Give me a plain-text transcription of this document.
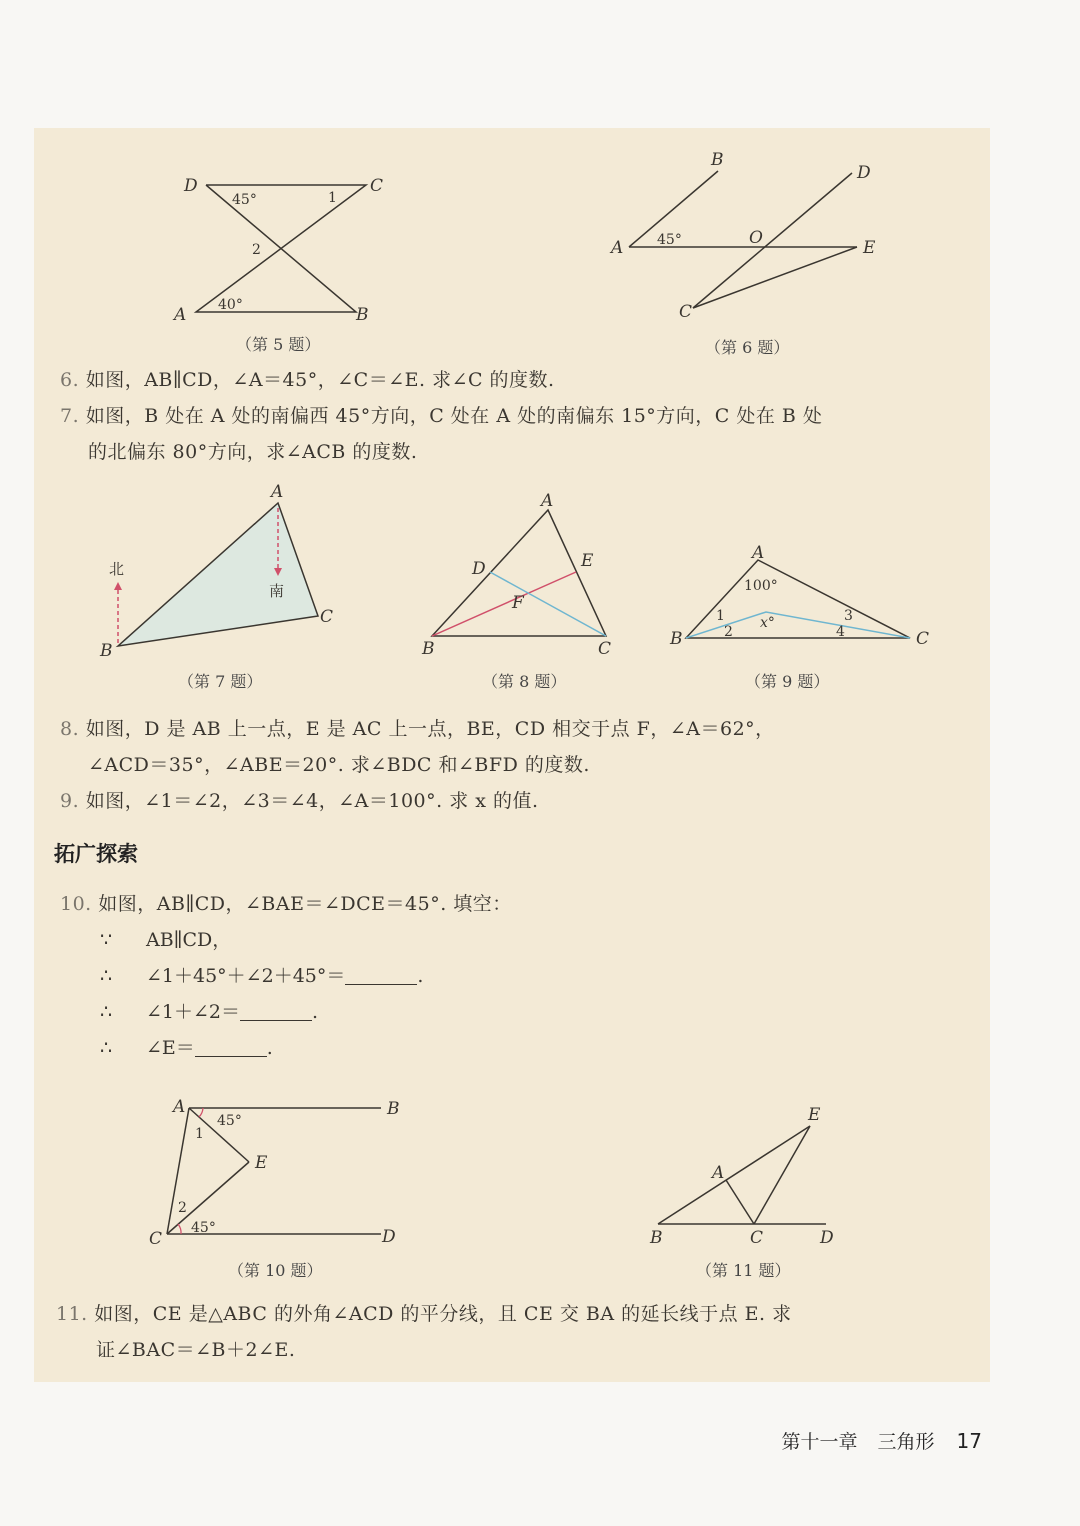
D	C
A	B
45°	1
2
40°
（第 5 题）
B
D
A	O	E
C
45°
（第 6 题）
6. 如图，AB∥CD，∠A＝45°，∠C＝∠E. 求∠C 的度数.
7. 如图，B 处在 A 处的南偏西 45°方向，C 处在 A 处的南偏东 15°方向，C 处在 B 处
的北偏东 80°方向，求∠ACB 的度数.
A
B
C
北
南
（第 7 题）
A
B	C
D	E
F
（第 8 题）
A
B	C
100°
x°
1
2
3
4
（第 9 题）
8. 如图，D 是 AB 上一点，E 是 AC 上一点，BE，CD 相交于点 F，∠A＝62°，
∠ACD＝35°，∠ABE＝20°. 求∠BDC 和∠BFD 的度数.
9. 如图，∠1＝∠2，∠3＝∠4，∠A＝100°. 求 x 的值.
拓广探索
10. 如图，AB∥CD，∠BAE＝∠DCE＝45°. 填空：
∵ AB∥CD，
∴ ∠1＋45°＋∠2＋45°＝	.
∴ ∠1＋∠2＝	.
∴ ∠E＝	.
A	B
C	D
E
45°
45°
1
2
（第 10 题）
E
A
B	C	D
（第 11 题）
11. 如图，CE 是△ABC 的外角∠ACD 的平分线，且 CE 交 BA 的延长线于点 E. 求
证∠BAC＝∠B＋2∠E.
第十一章 三角形 17
